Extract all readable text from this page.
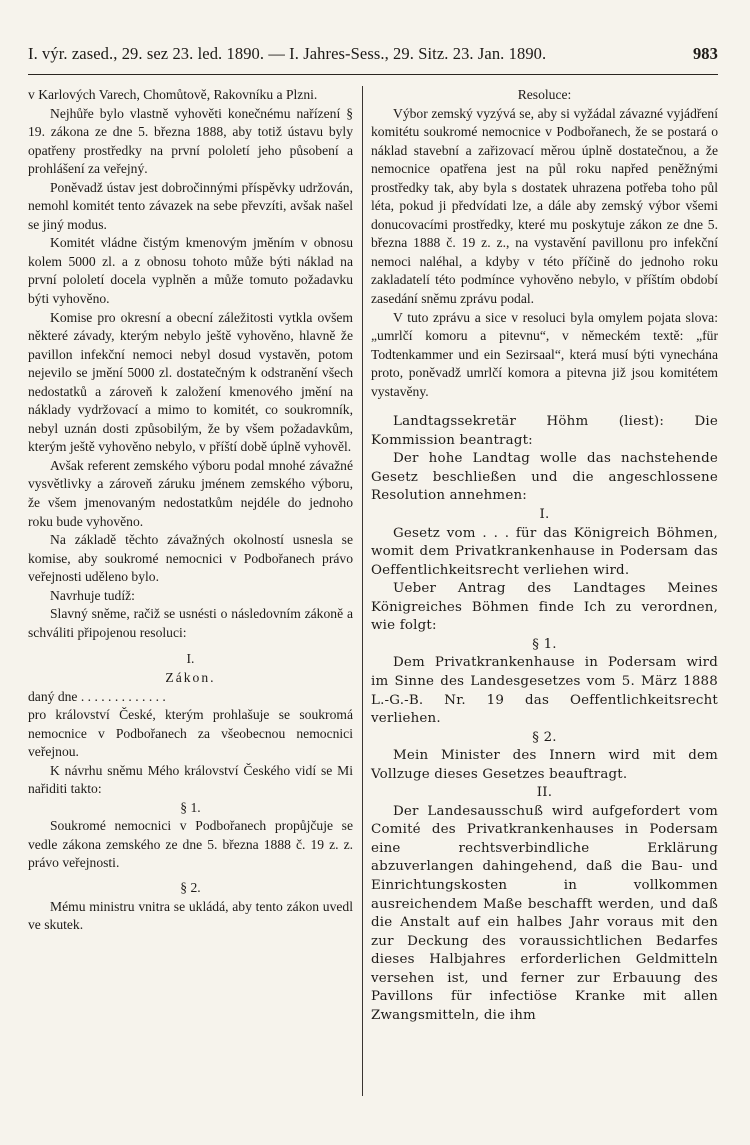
I. výr. zased., 29. sez 23. led. 1890. — I. Jahres-Sess., 29. Sitz. 23. Jan. 1890.	983

v Karlových Varech, Chomůtově, Rakovníku a Plzni.

Nejhůře bylo vlastně vyhověti konečnému nařízení § 19. zákona ze dne 5. března 1888, aby totiž ústavu byly opatřeny prostředky na první pololetí jeho působení a prohlášení za veřejný.

Poněvadž ústav jest dobročinnými příspěvky udržován, nemohl komitét tento závazek na sebe převzíti, avšak našel se jiný modus.

Komitét vládne čistým kmenovým jměním v obnosu kolem 5000 zl. a z obnosu tohoto může býti náklad na první pololetí docela vyplněn a může tomuto požadavku býti vyhověno.

Komise pro okresní a obecní záležitosti vytkla ovšem některé závady, kterým nebylo ještě vyhověno, hlavně že pavillon infekční nemoci nebyl dosud vystavěn, potom nejevilo se jmění 5000 zl. dostatečným k odstranění všech nedostatků a zároveň k založení kmenového jmění na náklady vydržovací a mimo to komitét, co soukromník, nebyl uznán dosti způsobilým, že by všem požadavkům, kterým ještě vyhověno nebylo, v příští době úplně vyhověl.

Avšak referent zemského výboru podal mnohé závažné vysvětlivky a zároveň záruku jménem zemského výboru, že všem jmenovaným nedostatkům nejdéle do jednoho roku bude vyhověno.

Na základě těchto závažných okolností usnesla se komise, aby soukromé nemocnici v Podbořanech právo veřejnosti uděleno bylo.

Navrhuje tudíž:

Slavný sněme, račiž se usnésti o následovním zákoně a schváliti připojenou resoluci:

I.

Zákon.

daný dne . . . . . . . . . . . . .

pro království České, kterým prohlašuje se soukromá nemocnice v Podbořanech za všeobecnou nemocnici veřejnou.

K návrhu sněmu Mého království Českého vidí se Mi nařiditi takto:

§ 1.

Soukromé nemocnici v Podbořanech propůjčuje se vedle zákona zemského ze dne 5. března 1888 č. 19 z. z. právo veřejnosti.

§ 2.

Mému ministru vnitra se ukládá, aby tento zákon uvedl ve skutek.

Resoluce:

Výbor zemský vyzývá se, aby si vyžádal závazné vyjádření komitétu soukromé nemocnice v Podbořanech, že se postará o náklad stavební a zařizovací měrou úplně dostatečnou, a že nemocnice opatřena jest na půl roku napřed peněžnými prostředky tak, aby byla s dostatek uhrazena potřeba toho půl léta, pokud ji předvídati lze, a dále aby zemský výbor všemi donucovacími prostředky, které mu poskytuje zákon ze dne 5. března 1888 č. 19 z. z., na vystavění pavillonu pro infekční nemoci naléhal, a kdyby v této příčině do jednoho roku zakladatelí této podmínce vyhověno nebylo, v příštím období zasedání sněmu zprávu podal.

V tuto zprávu a sice v resoluci byla omylem pojata slova: „umrlčí komoru a pitevnu“, v německém textě: „für Todtenkammer und ein Sezirsaal“, která musí býti vynechána proto, poněvadž umrlčí komora a pitevna již jsou komitétem vystavěny.

Landtagssekretär Höhm (liest): Die Kommission beantragt:

Der hohe Landtag wolle das nachstehende Gesetz beschließen und die angeschlossene Resolution annehmen:

I.

Gesetz vom . . . für das Königreich Böhmen, womit dem Privatkrankenhause in Podersam das Oeffentlichkeitsrecht verliehen wird.

Ueber Antrag des Landtages Meines Königreiches Böhmen finde Ich zu verordnen, wie folgt:

§ 1.

Dem Privatkrankenhause in Podersam wird im Sinne des Landesgesetzes vom 5. März 1888 L.-G.-B. Nr. 19 das Oeffentlichkeitsrecht verliehen.

§ 2.

Mein Minister des Innern wird mit dem Vollzuge dieses Gesetzes beauftragt.

II.

Der Landesausschuß wird aufgefordert vom Comité des Privatkrankenhauses in Podersam eine rechtsverbindliche Erklärung abzuverlangen dahingehend, daß die Bau- und Einrichtungskosten in vollkommen ausreichendem Maße beschafft werden, und daß die Anstalt auf ein halbes Jahr voraus mit den zur Deckung des voraussichtlichen Bedarfes dieses Halbjahres erforderlichen Geldmitteln versehen ist, und ferner zur Erbauung des Pavillons für infectiöse Kranke mit allen Zwangsmitteln, die ihm
